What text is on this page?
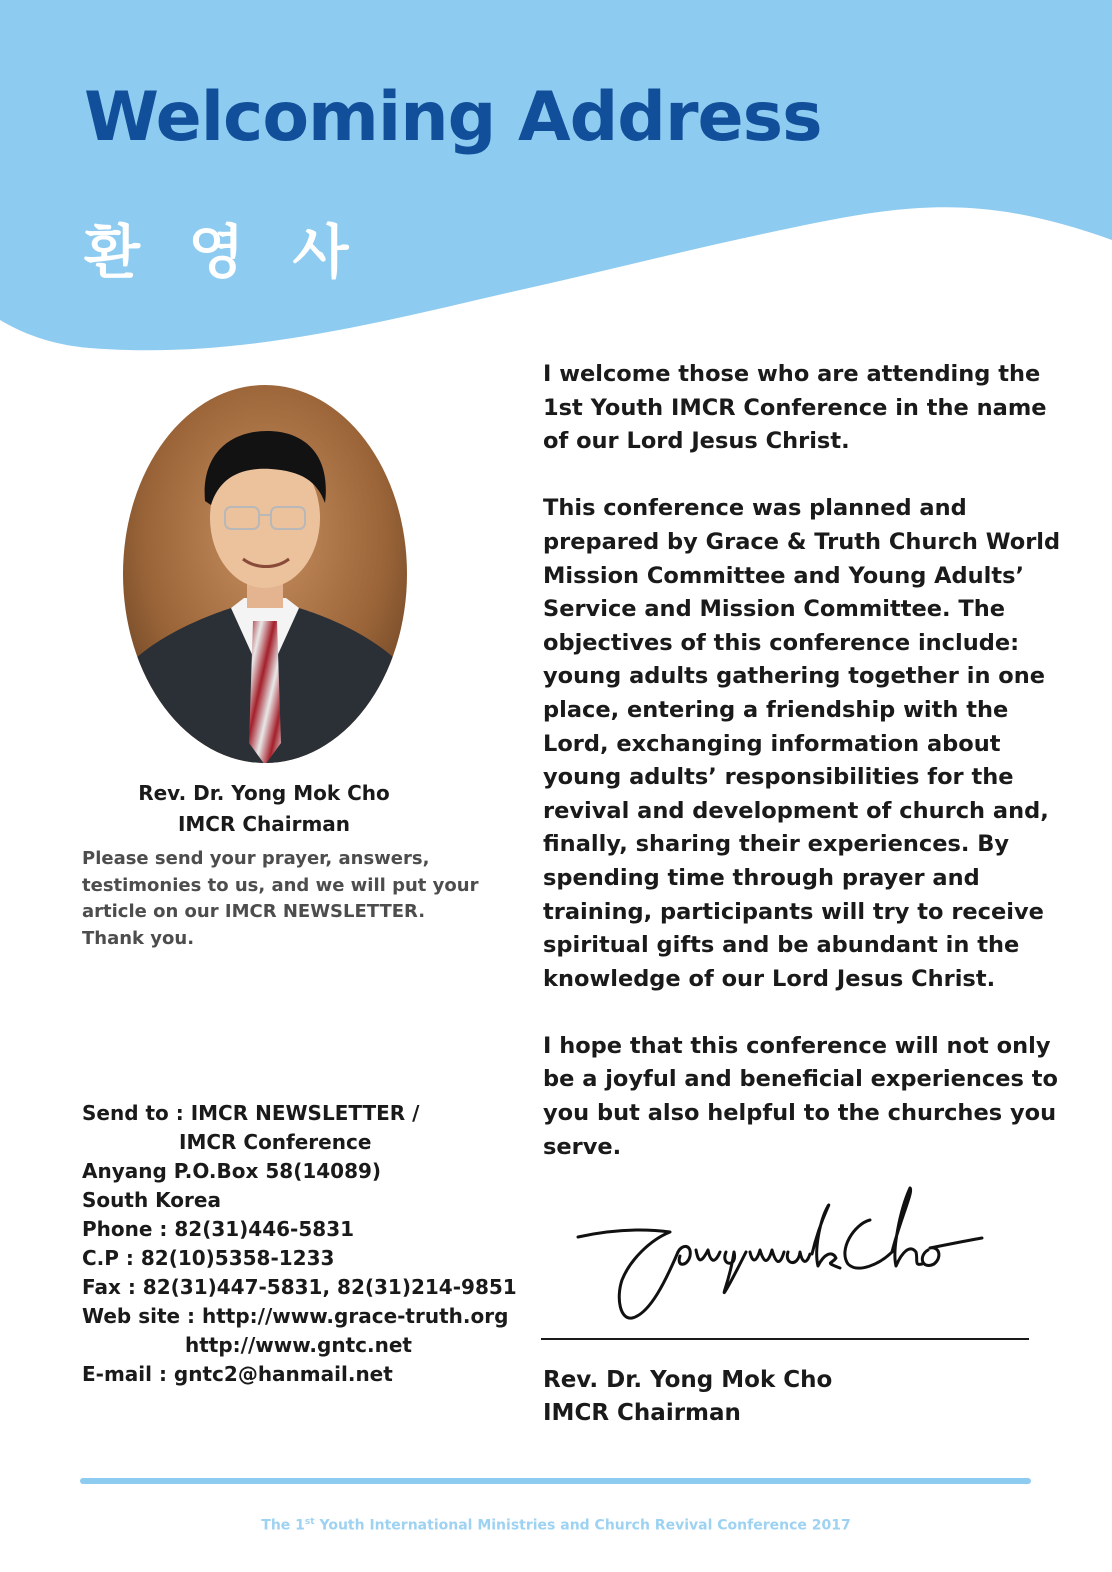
Welcoming Address
환 영 사
Rev. Dr. Yong Mok Cho
IMCR Chairman
Please send your prayer, answers,
testimonies to us, and we will put your
article on our IMCR NEWSLETTER.
Thank you.
Send to : IMCR NEWSLETTER /
IMCR Conference
Anyang P.O.Box 58(14089)
South Korea
Phone : 82(31)446-5831
C.P : 82(10)5358-1233
Fax : 82(31)447-5831, 82(31)214-9851
Web site : http://www.grace-truth.org
http://www.gntc.net
E-mail : gntc2@hanmail.net
I welcome those who are attending the
1st Youth IMCR Conference in the name
of our Lord Jesus Christ.
This conference was planned and
prepared by Grace & Truth Church World
Mission Committee and Young Adults’
Service and Mission Committee. The
objectives of this conference include:
young adults gathering together in one
place, entering a friendship with the
Lord, exchanging information about
young adults’ responsibilities for the
revival and development of church and,
finally, sharing their experiences. By
spending time through prayer and
training, participants will try to receive
spiritual gifts and be abundant in the
knowledge of our Lord Jesus Christ.
I hope that this conference will not only
be a joyful and beneficial experiences to
you but also helpful to the churches you
serve.
Rev. Dr. Yong Mok Cho
IMCR Chairman
The 1st Youth International Ministries and Church Revival Conference 2017
